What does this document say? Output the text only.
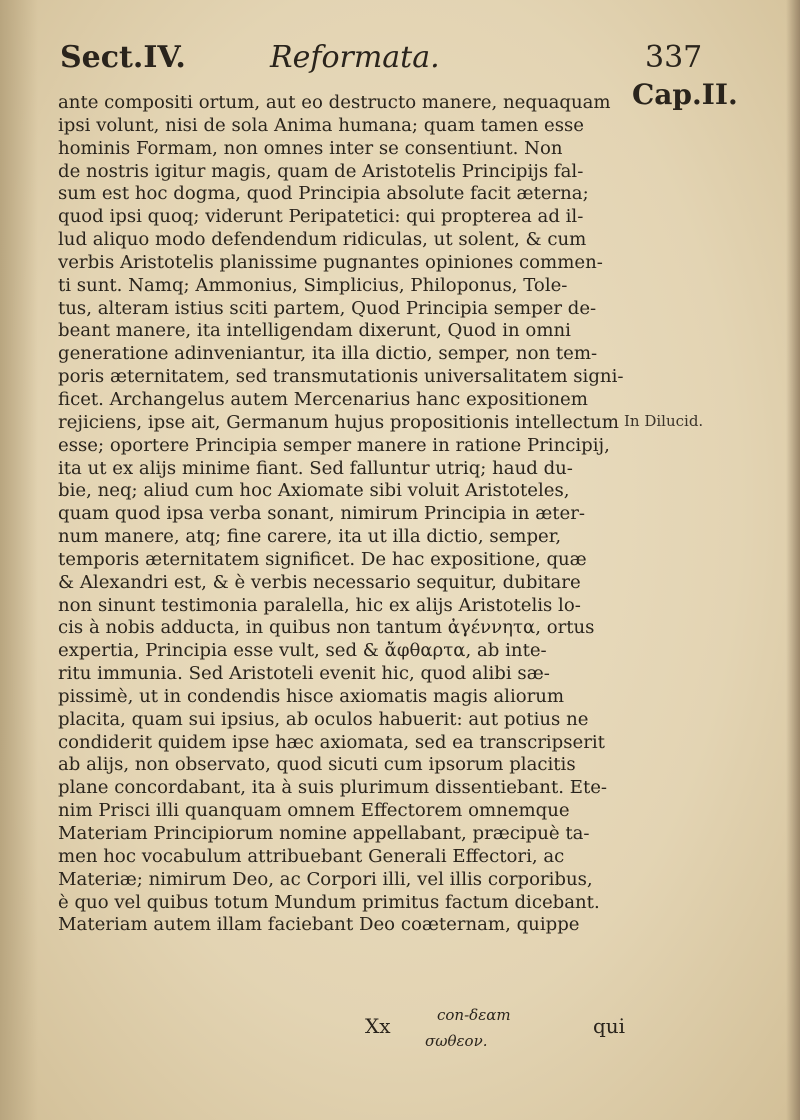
Sect.IV.	Reformata.	337
Cap.II.
In Dilucid.
ante compositi ortum, aut eo destructo manere, nequaquam
ipsi volunt, nisi de sola Anima humana; quam tamen esse
hominis Formam, non omnes inter se consentiunt. Non
de nostris igitur magis, quam de Aristotelis Principijs fal-
sum est hoc dogma, quod Principia absolute facit æterna;
quod ipsi quoq; viderunt Peripatetici: qui propterea ad il-
lud aliquo modo defendendum ridiculas, ut solent, & cum
verbis Aristotelis planissime pugnantes opiniones commen-
ti sunt. Namq; Ammonius, Simplicius, Philoponus, Tole-
tus, alteram istius sciti partem, Quod Principia semper de-
beant manere, ita intelligendam dixerunt, Quod in omni
generatione adinveniantur, ita illa dictio, semper, non tem-
poris æternitatem, sed transmutationis universalitatem signi-
ficet. Archangelus autem Mercenarius hanc expositionem
rejiciens, ipse ait, Germanum hujus propositionis intellectum
esse; oportere Principia semper manere in ratione Principij,
ita ut ex alijs minime fiant. Sed falluntur utriq; haud du-
bie, neq; aliud cum hoc Axiomate sibi voluit Aristoteles,
quam quod ipsa verba sonant, nimirum Principia in æter-
num manere, atq; fine carere, ita ut illa dictio, semper,
temporis æternitatem significet. De hac expositione, quæ
& Alexandri est, & è verbis necessario sequitur, dubitare
non sinunt testimonia paralella, hic ex alijs Aristotelis lo-
cis à nobis adducta, in quibus non tantum ἀγέννητα, ortus
expertia, Principia esse vult, sed & ἄφθαρτα, ab inte-
ritu immunia. Sed Aristoteli evenit hic, quod alibi sæ-
pissimè, ut in condendis hisce axiomatis magis aliorum
placita, quam sui ipsius, ab oculos habuerit: aut potius ne
condiderit quidem ipse hæc axiomata, sed ea transcripserit
ab alijs, non observato, quod sicuti cum ipsorum placitis
plane concordabant, ita à suis plurimum dissentiebant. Ete-
nim Prisci illi quanquam omnem Effectorem omnemque
Materiam Principiorum nomine appellabant, præcipuè ta-
men hoc vocabulum attribuebant Generali Effectori, ac
Materiæ; nimirum Deo, ac Corpori illi, vel illis corporibus,
è quo vel quibus totum Mundum primitus factum dicebant.
Materiam autem illam faciebant Deo coæternam, quippe
Xx	con-δεαm
σωθεον.
qui
